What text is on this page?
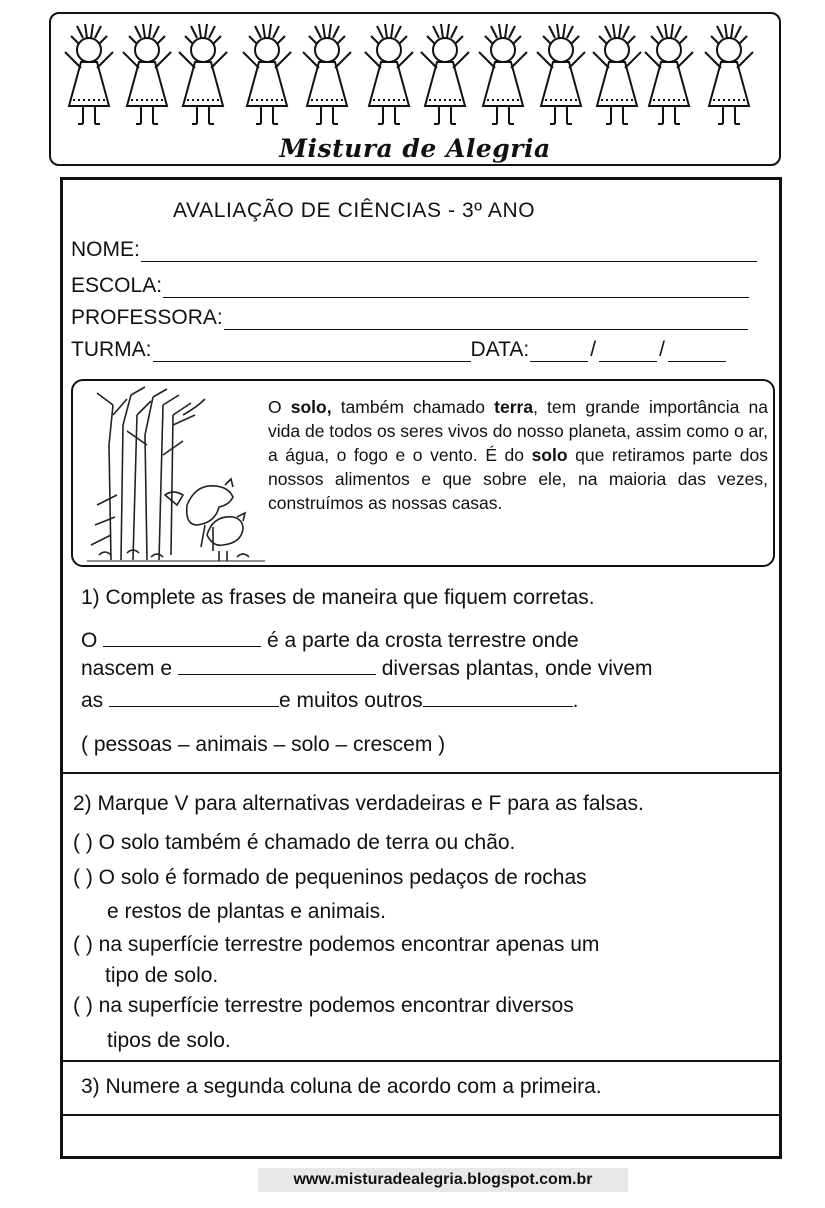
Mistura de Alegria
AVALIAÇÃO DE CIÊNCIAS - 3º ANO
NOME:
ESCOLA:
PROFESSORA:
TURMA:	DATA:	/	/
O solo, também chamado terra, tem grande importância na vida de todos os seres vivos do nosso planeta, assim como o ar, a água, o fogo e o vento. É do solo que retiramos parte dos nossos alimentos e que sobre ele, na maioria das vezes, construímos as nossas casas.
1) Complete as frases de maneira que fiquem corretas.
O	é a parte da crosta terrestre onde
nascem e	diversas plantas, onde vivem
as	e muitos outros	.
( pessoas – animais – solo – crescem )
2) Marque V para alternativas verdadeiras e F para as falsas.
( ) O solo também é chamado de terra ou chão.
( ) O solo é formado de pequeninos pedaços de rochas
e restos de plantas e animais.
( ) na superfície terrestre podemos encontrar apenas um
tipo de solo.
( ) na superfície terrestre podemos encontrar diversos
tipos de solo.
3) Numere a segunda coluna de acordo com a primeira.
www.misturadealegria.blogspot.com.br
